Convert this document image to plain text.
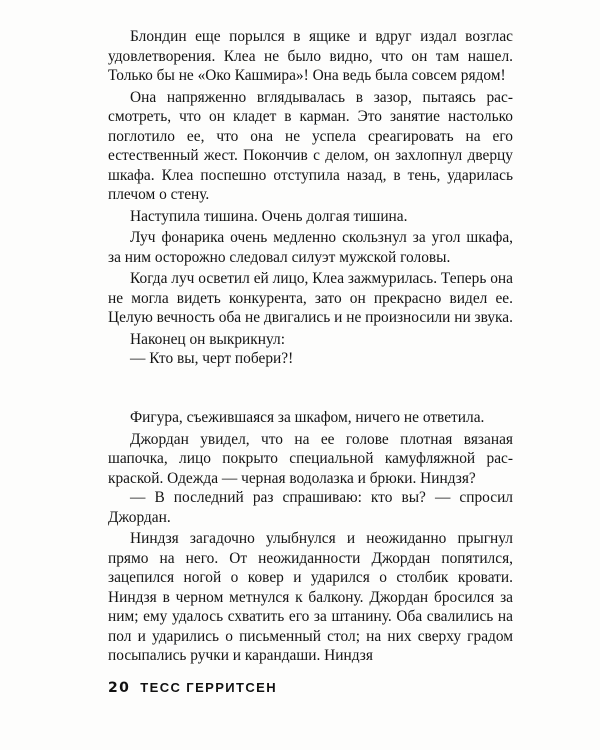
Блондин еще порылся в ящике и вдруг издал возглас удовлетворения. Клеа не было видно, что он там нашел. Только бы не «Око Кашмира»! Она ведь была совсем рядом!

Она напряженно вглядывалась в зазор, пытаясь рассмотреть, что он кладет в карман. Это занятие настолько поглотило ее, что она не успела среагировать на его естественный жест. Покончив с делом, он захлопнул дверцу шкафа. Клеа поспешно отступила назад, в тень, ударилась плечом о стену.

Наступила тишина. Очень долгая тишина.

Луч фонарика очень медленно скользнул за угол шкафа, за ним осторожно следовал силуэт мужской головы.

Когда луч осветил ей лицо, Клеа зажмурилась. Теперь она не могла видеть конкурента, зато он прекрасно видел ее. Целую вечность оба не двигались и не произносили ни звука.

Наконец он выкрикнул:

— Кто вы, черт побери?!

Фигура, съежившаяся за шкафом, ничего не ответила.

Джордан увидел, что на ее голове плотная вязаная шапочка, лицо покрыто специальной камуфляжной раскраской. Одежда — черная водолазка и брюки. Ниндзя?

— В последний раз спрашиваю: кто вы? — спросил Джордан.

Ниндзя загадочно улыбнулся и неожиданно прыгнул прямо на него. От неожиданности Джордан попятился, зацепился ногой о ковер и ударился о столбик кровати. Ниндзя в черном метнулся к балкону. Джордан бросился за ним; ему удалось схватить его за штанину. Оба свалились на пол и ударились о письменный стол; на них сверху градом посыпались ручки и карандаши. Ниндзя

20 ТЕСС ГЕРРИТСЕН
